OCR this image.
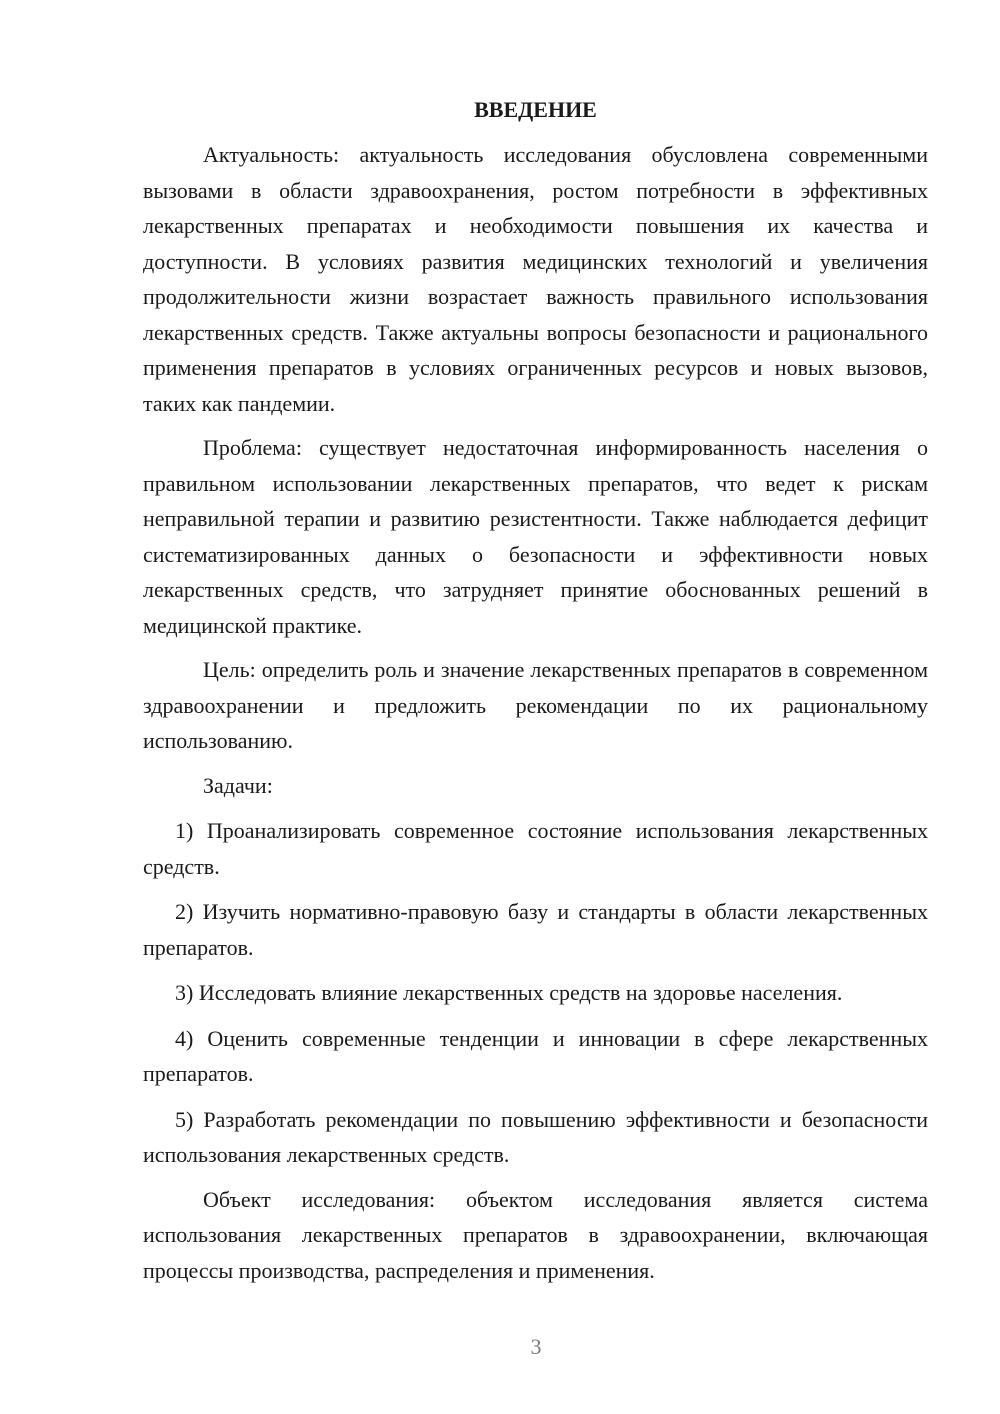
ВВЕДЕНИЕ

Актуальность: актуальность исследования обусловлена современными вызовами в области здравоохранения, ростом потребности в эффективных лекарственных препаратах и необходимости повышения их качества и доступности. В условиях развития медицинских технологий и увеличения продолжительности жизни возрастает важность правильного использования лекарственных средств. Также актуальны вопросы безопасности и рационального применения препаратов в условиях ограниченных ресурсов и новых вызовов, таких как пандемии.

Проблема: существует недостаточная информированность населения о правильном использовании лекарственных препаратов, что ведет к рискам неправильной терапии и развитию резистентности. Также наблюдается дефицит систематизированных данных о безопасности и эффективности новых лекарственных средств, что затрудняет принятие обоснованных решений в медицинской практике.

Цель: определить роль и значение лекарственных препаратов в современном здравоохранении и предложить рекомендации по их рациональному использованию.

Задачи:

1) Проанализировать современное состояние использования лекарственных средств.

2) Изучить нормативно-правовую базу и стандарты в области лекарственных препаратов.

3) Исследовать влияние лекарственных средств на здоровье населения.

4) Оценить современные тенденции и инновации в сфере лекарственных препаратов.

5) Разработать рекомендации по повышению эффективности и безопасности использования лекарственных средств.

Объект исследования: объектом исследования является система использования лекарственных препаратов в здравоохранении, включающая процессы производства, распределения и применения.

3
